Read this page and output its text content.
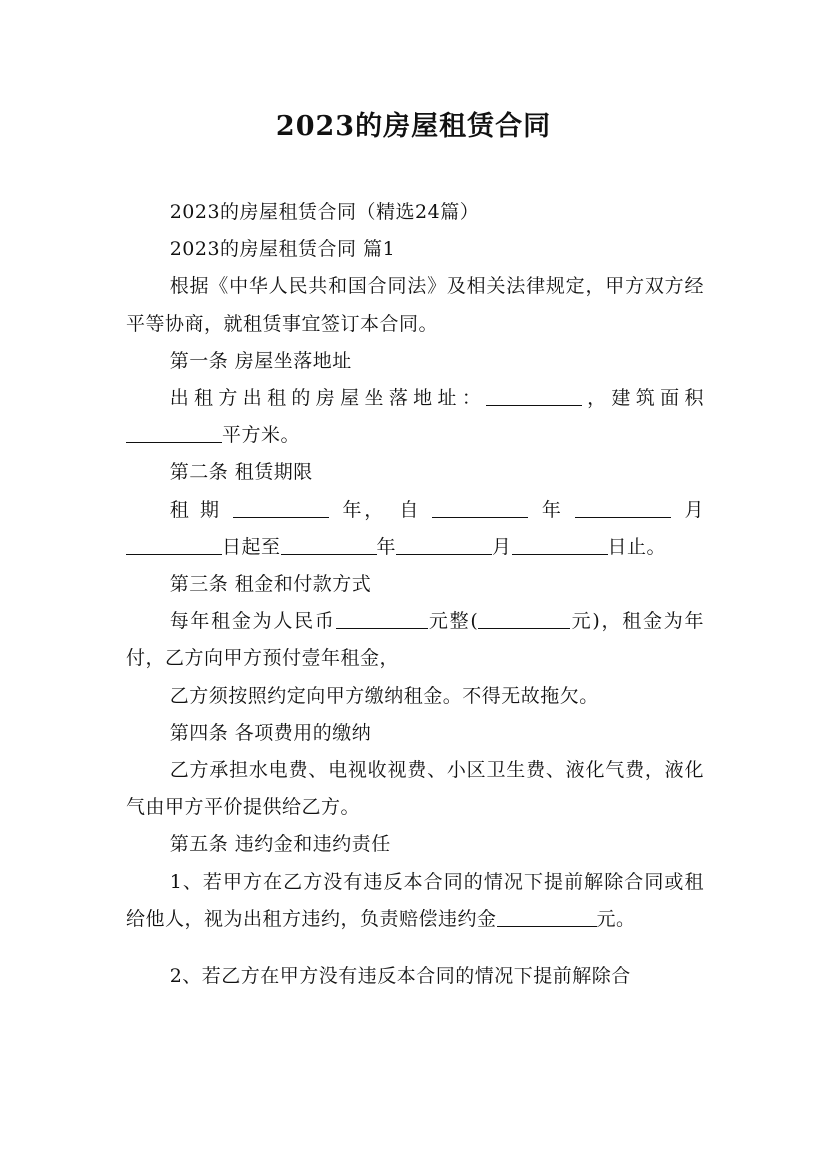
2023的房屋租赁合同

2023的房屋租赁合同（精选24篇）

2023的房屋租赁合同 篇1

根据《中华人民共和国合同法》及相关法律规定，甲方双方经平等协商，就租赁事宜签订本合同。

第一条 房屋坐落地址

出租方出租的房屋坐落地址：	，建筑面积平方米。

第二条 租赁期限

租 期	年， 自	年	月日起至	年	月	日止。

第三条 租金和付款方式

每年租金为人民币	元整(	元)，租金为年付，乙方向甲方预付壹年租金，

乙方须按照约定向甲方缴纳租金。不得无故拖欠。

第四条 各项费用的缴纳

乙方承担水电费、电视收视费、小区卫生费、液化气费，液化气由甲方平价提供给乙方。

第五条 违约金和违约责任

1、若甲方在乙方没有违反本合同的情况下提前解除合同或租给他人，视为出租方违约，负责赔偿违约金	元。

2、若乙方在甲方没有违反本合同的情况下提前解除合
